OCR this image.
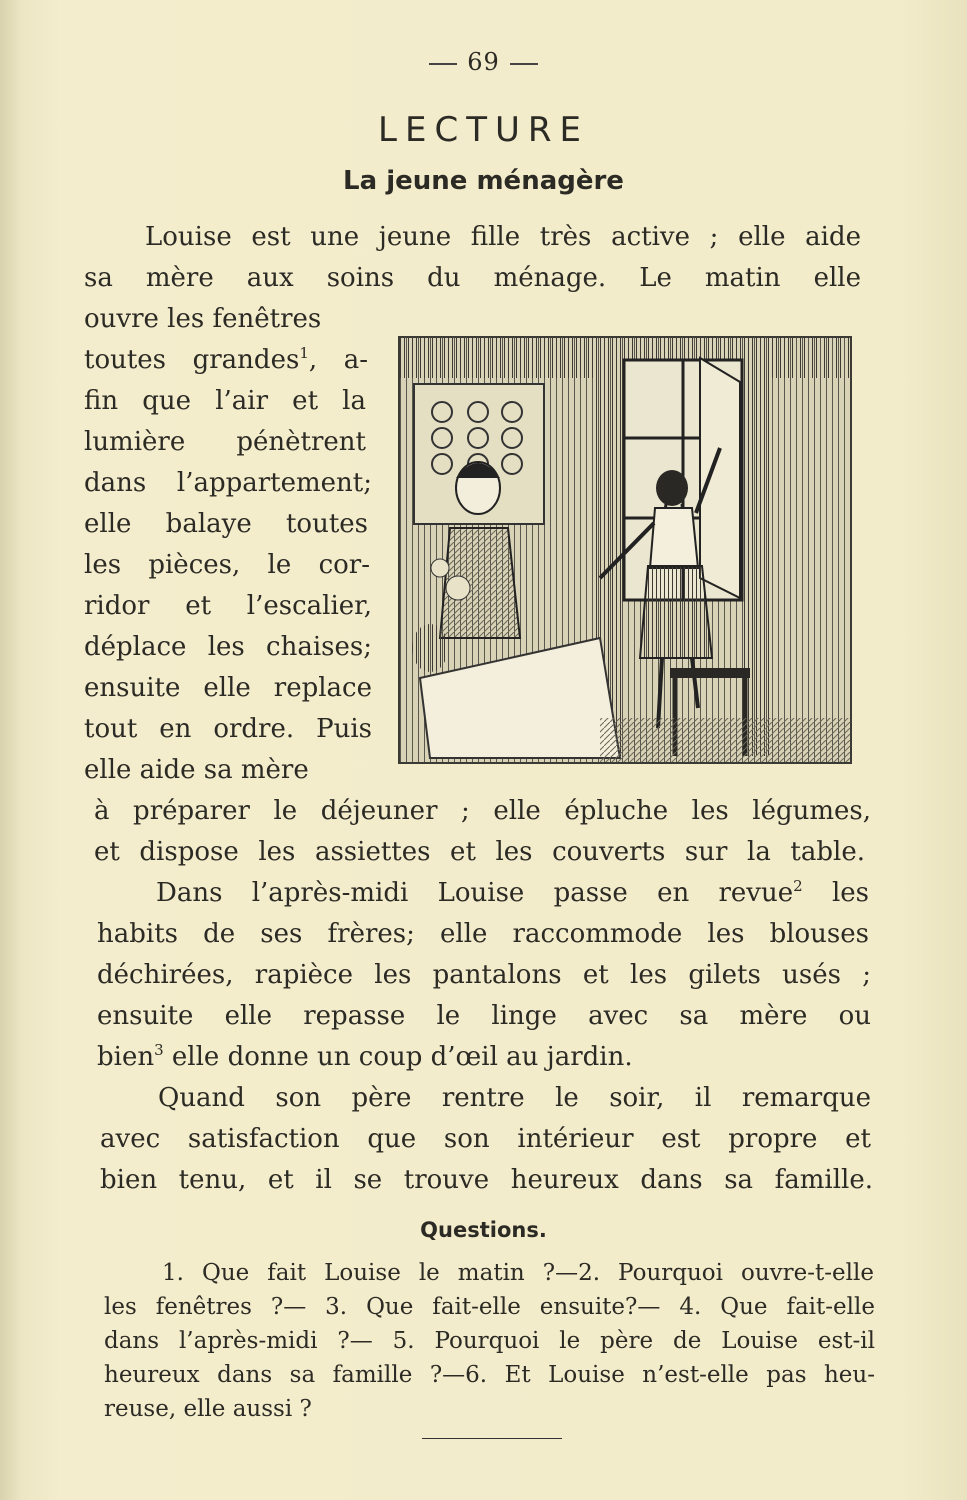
69
LECTURE
La jeune ménagère
Louise est une jeune fille très active ; elle aide
sa mère aux soins du ménage. Le matin elle
ouvre les fenêtres
toutes grandes$^1$, a-
fin que l’air et la
lumière pénètrent
dans l’appartement;
elle balaye toutes
les pièces, le cor-
ridor et l’escalier,
déplace les chaises;
ensuite elle replace
tout en ordre. Puis
elle aide sa mère
à préparer le déjeuner ; elle épluche les légumes,
et dispose les assiettes et les couverts sur la table.
Dans l’après-midi Louise passe en revue$^2$ les
habits de ses frères; elle raccommode les blouses
déchirées, rapièce les pantalons et les gilets usés ;
ensuite elle repasse le linge avec sa mère ou
bien$^3$ elle donne un coup d’œil au jardin.
Quand son père rentre le soir, il remarque
avec satisfaction que son intérieur est propre et
bien tenu, et il se trouve heureux dans sa famille.
Questions.
1. Que fait Louise le matin ?—2. Pourquoi ouvre-t-elle
les fenêtres ?— 3. Que fait-elle ensuite?— 4. Que fait-elle
dans l’après-midi ?— 5. Pourquoi le père de Louise est-il
heureux dans sa famille ?—6. Et Louise n’est-elle pas heu-
reuse, elle aussi ?
